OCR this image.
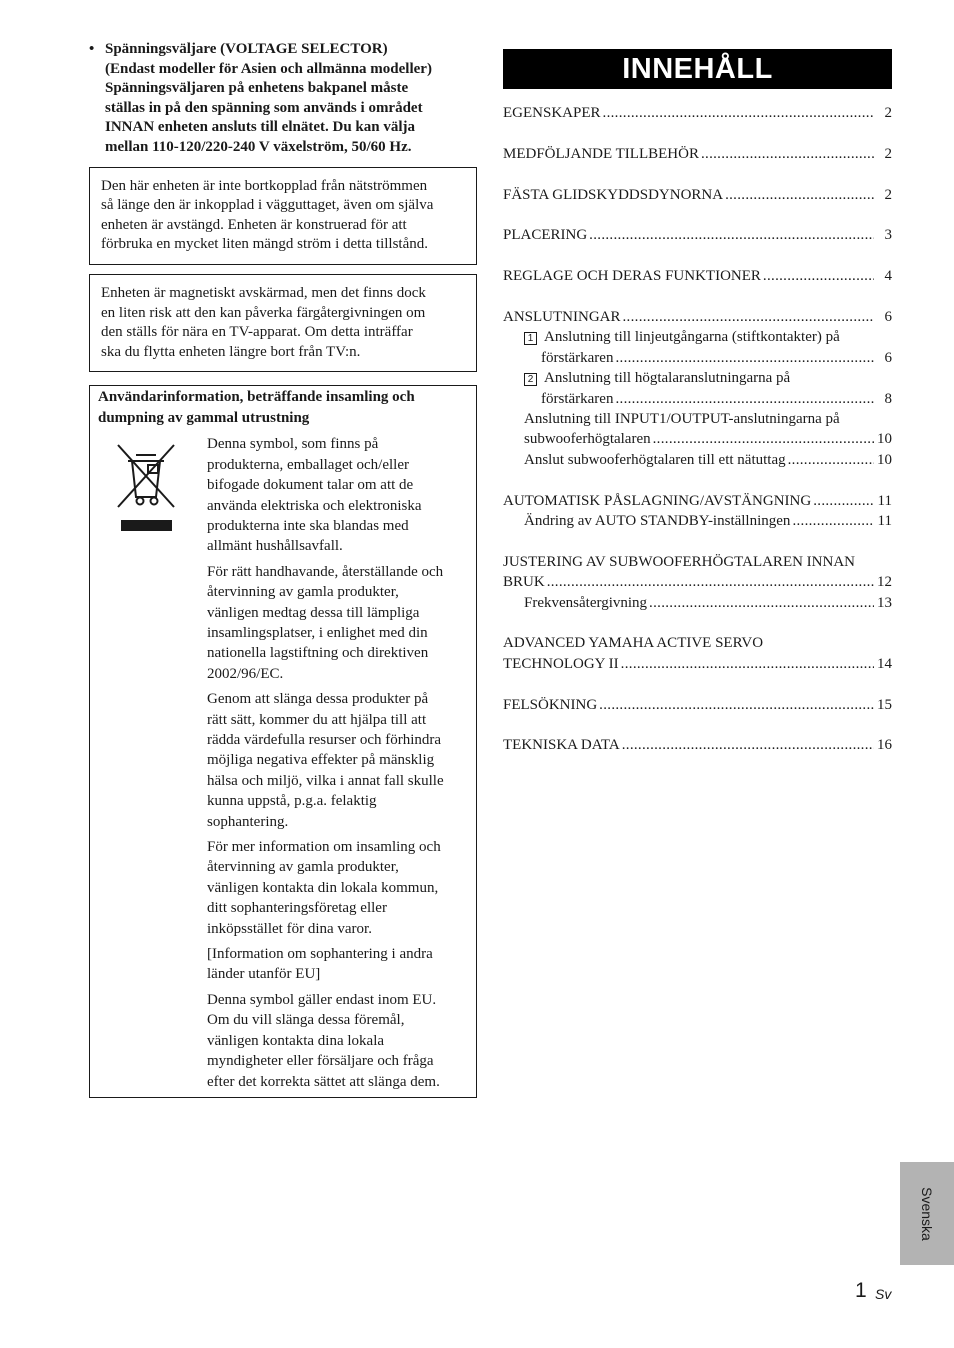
• Spänningsväljare (VOLTAGE SELECTOR)
(Endast modeller för Asien och allmänna modeller)
Spänningsväljaren på enhetens bakpanel måste
ställas in på den spänning som används i området
INNAN enheten ansluts till elnätet. Du kan välja
mellan 110-120/220-240 V växelström, 50/60 Hz.
Den här enheten är inte bortkopplad från nätströmmen
så länge den är inkopplad i vägguttaget, även om själva
enheten är avstängd. Enheten är konstruerad för att
förbruka en mycket liten mängd ström i detta tillstånd.
Enheten är magnetiskt avskärmad, men det finns dock
en liten risk att den kan påverka färgåtergivningen om
den ställs för nära en TV-apparat. Om detta inträffar
ska du flytta enheten längre bort från TV:n.
Användarinformation, beträffande insamling och
dumpning av gammal utrustning

Denna symbol, som finns på
produkterna, emballaget och/eller
bifogade dokument talar om att de
använda elektriska och elektroniska
produkterna inte ska blandas med
allmänt hushållsavfall.

För rätt handhavande, återställande och
återvinning av gamla produkter,
vänligen medtag dessa till lämpliga
insamlingsplatser, i enlighet med din
nationella lagstiftning och direktiven
2002/96/EC.

Genom att slänga dessa produkter på
rätt sätt, kommer du att hjälpa till att
rädda värdefulla resurser och förhindra
möjliga negativa effekter på mänsklig
hälsa och miljö, vilka i annat fall skulle
kunna uppstå, p.g.a. felaktig
sophantering.

För mer information om insamling och
återvinning av gamla produkter,
vänligen kontakta din lokala kommun,
ditt sophanteringsföretag eller
inköpsstället för dina varor.

[Information om sophantering i andra
länder utanför EU]

Denna symbol gäller endast inom EU.
Om du vill slänga dessa föremål,
vänligen kontakta dina lokala
myndigheter eller försäljare och fråga
efter det korrekta sättet att slänga dem.

INNEHÅLL
EGENSKAPER .....	2
MEDFÖLJANDE TILLBEHÖR .....	2
FÄSTA GLIDSKYDDSDYNORNA .....	2
PLACERING .....	3
REGLAGE OCH DERAS FUNKTIONER .....	4
ANSLUTNINGAR .....	6
1 Anslutning till linjeutgångarna (stiftkontakter) på
förstärkaren .....	6
2 Anslutning till högtalaranslutningarna på
förstärkaren .....	8
Anslutning till INPUT1/OUTPUT-anslutningarna på
subwooferhögtalaren .....	10
Anslut subwooferhögtalaren till ett nätuttag .....	10
AUTOMATISK PÅSLAGNING/AVSTÄNGNING .....	11
Ändring av AUTO STANDBY-inställningen .....	11
JUSTERING AV SUBWOOFERHÖGTALAREN INNAN
BRUK .....	12
Frekvensåtergivning .....	13
ADVANCED YAMAHA ACTIVE SERVO
TECHNOLOGY II .....	14
FELSÖKNING .....	15
TEKNISKA DATA .....	16
Svenska
1 Sv
